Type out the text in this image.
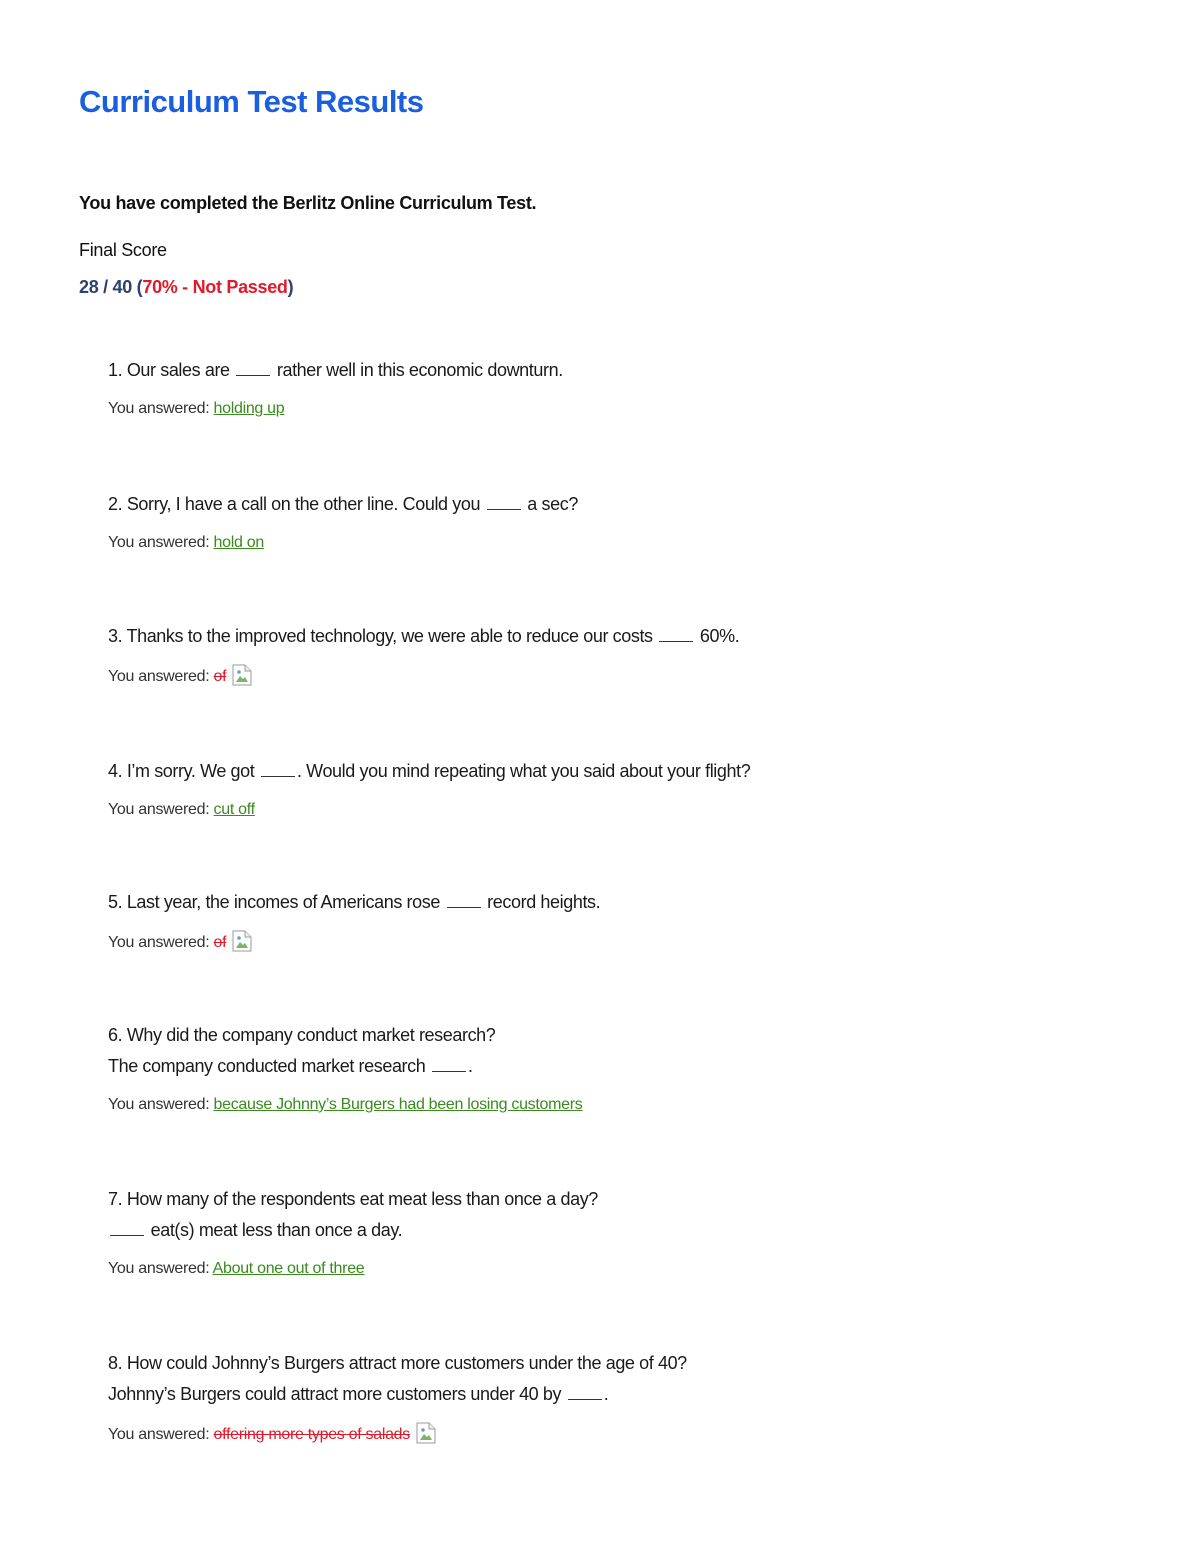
Curriculum Test Results

You have completed the Berlitz Online Curriculum Test.

Final Score

28 / 40 (70% - Not Passed)

1. Our sales are  rather well in this economic downturn.

You answered: holding up

2. Sorry, I have a call on the other line. Could you  a sec?

You answered: hold on

3. Thanks to the improved technology, we were able to reduce our costs  60%.

You answered: of

4. I’m sorry. We got . Would you mind repeating what you said about your flight?

You answered: cut off

5. Last year, the incomes of Americans rose  record heights.

You answered: of

6. Why did the company conduct market research?

The company conducted market research .

You answered: because Johnny’s Burgers had been losing customers

7. How many of the respondents eat meat less than once a day?

eat(s) meat less than once a day.

You answered: About one out of three

8. How could Johnny’s Burgers attract more customers under the age of 40?

Johnny’s Burgers could attract more customers under 40 by .

You answered: offering more types of salads
